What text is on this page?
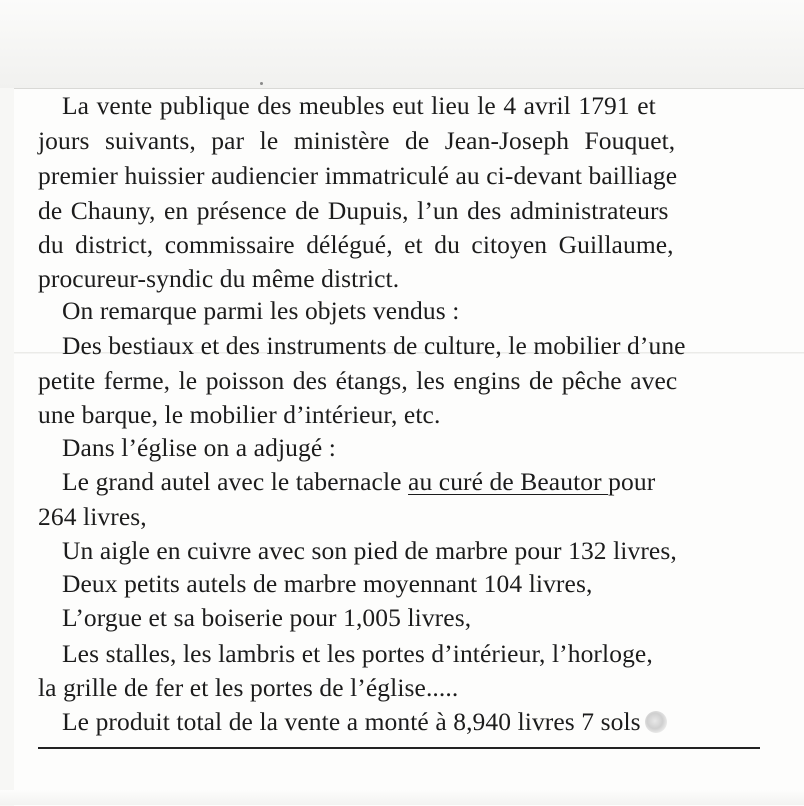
La vente publique des meubles eut lieu le 4 avril 1791 et
jours suivants, par le ministère de Jean-Joseph Fouquet,
premier huissier audiencier immatriculé au ci-devant bailliage
de Chauny, en présence de Dupuis, l’un des administrateurs
du district, commissaire délégué, et du citoyen Guillaume,
procureur-syndic du même district.
On remarque parmi les objets vendus :
Des bestiaux et des instruments de culture, le mobilier d’une
petite ferme, le poisson des étangs, les engins de pêche avec
une barque, le mobilier d’intérieur, etc.
Dans l’église on a adjugé :
Le grand autel avec le tabernacle au curé de Beautor pour
264 livres,
Un aigle en cuivre avec son pied de marbre pour 132 livres,
Deux petits autels de marbre moyennant 104 livres,
L’orgue et sa boiserie pour 1,005 livres,
Les stalles, les lambris et les portes d’intérieur, l’horloge,
la grille de fer et les portes de l’église.....
Le produit total de la vente a monté à 8,940 livres 7 sols
